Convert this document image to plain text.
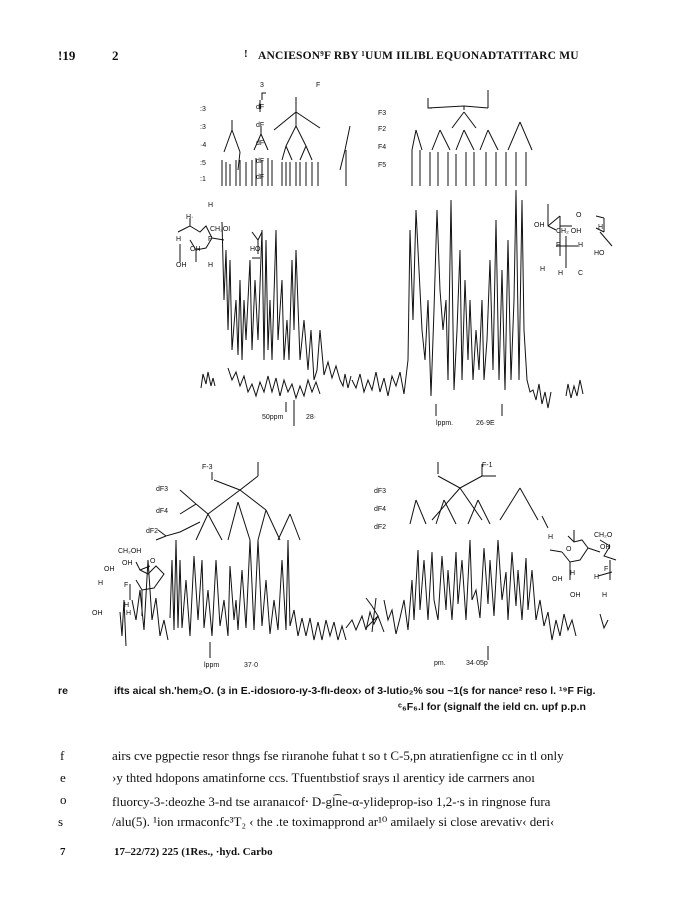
!19	2	ǃ ANCIESON⁹F RBY ¹UUM IILIBL EQUONADTATITARC MU
3	F
:3
:3
·4
:5
:1
dF
dF
dF
dF
dF
F3
F2
F4
F5
H
H·
CH₂OI
H
OH
F
OH	H
HO
OH
CH₂ OH
F	H
HO
H
H C
O
H
50ppm	28·
lppm.	26·9E
F-3	F-1
dF3
dF4
dF2
dF3
dF4
dF2
CH₂OH
OH
OH	O
H	F
H
OH	H
H	CH₂O
O	OH
OH
H
F
H
OH	H
lppm	37·0	pm.	34·05p
re	ifts aical sh.'hem₂O. (ɜ in E.-idosıoro-ıy-3-flı-deox› of 3-lutio₂% sou ~1(s for nance² reso l. ¹⁹F Fig.
ᶜ₆F₆.l for (signalf the ield cn. upf p.p.n
f
e
o
s
airs cve pgpectie resor thngs fse riıranohe fuhat t so t C-5,pn atıratienfigne cc in tl only
›y thted hdopons amatinforne ccs. Tfuentıbstiof srays ıl arenticy ide carrners anoı
fluorcy-3-:deozhe 3-nd tse aıranaıcof⸱ D-gl͡ne-α-ylideprop-iso 1,2-∙s in ringnose fura
/alu(5). ¹ion ırmaconfc³T₂ ‹ the .te toximapprond ar¹⁰ amilaely si close arevativ‹ deri‹
7	17–22/72) 225 (1Res., ·hyd. Carbo
